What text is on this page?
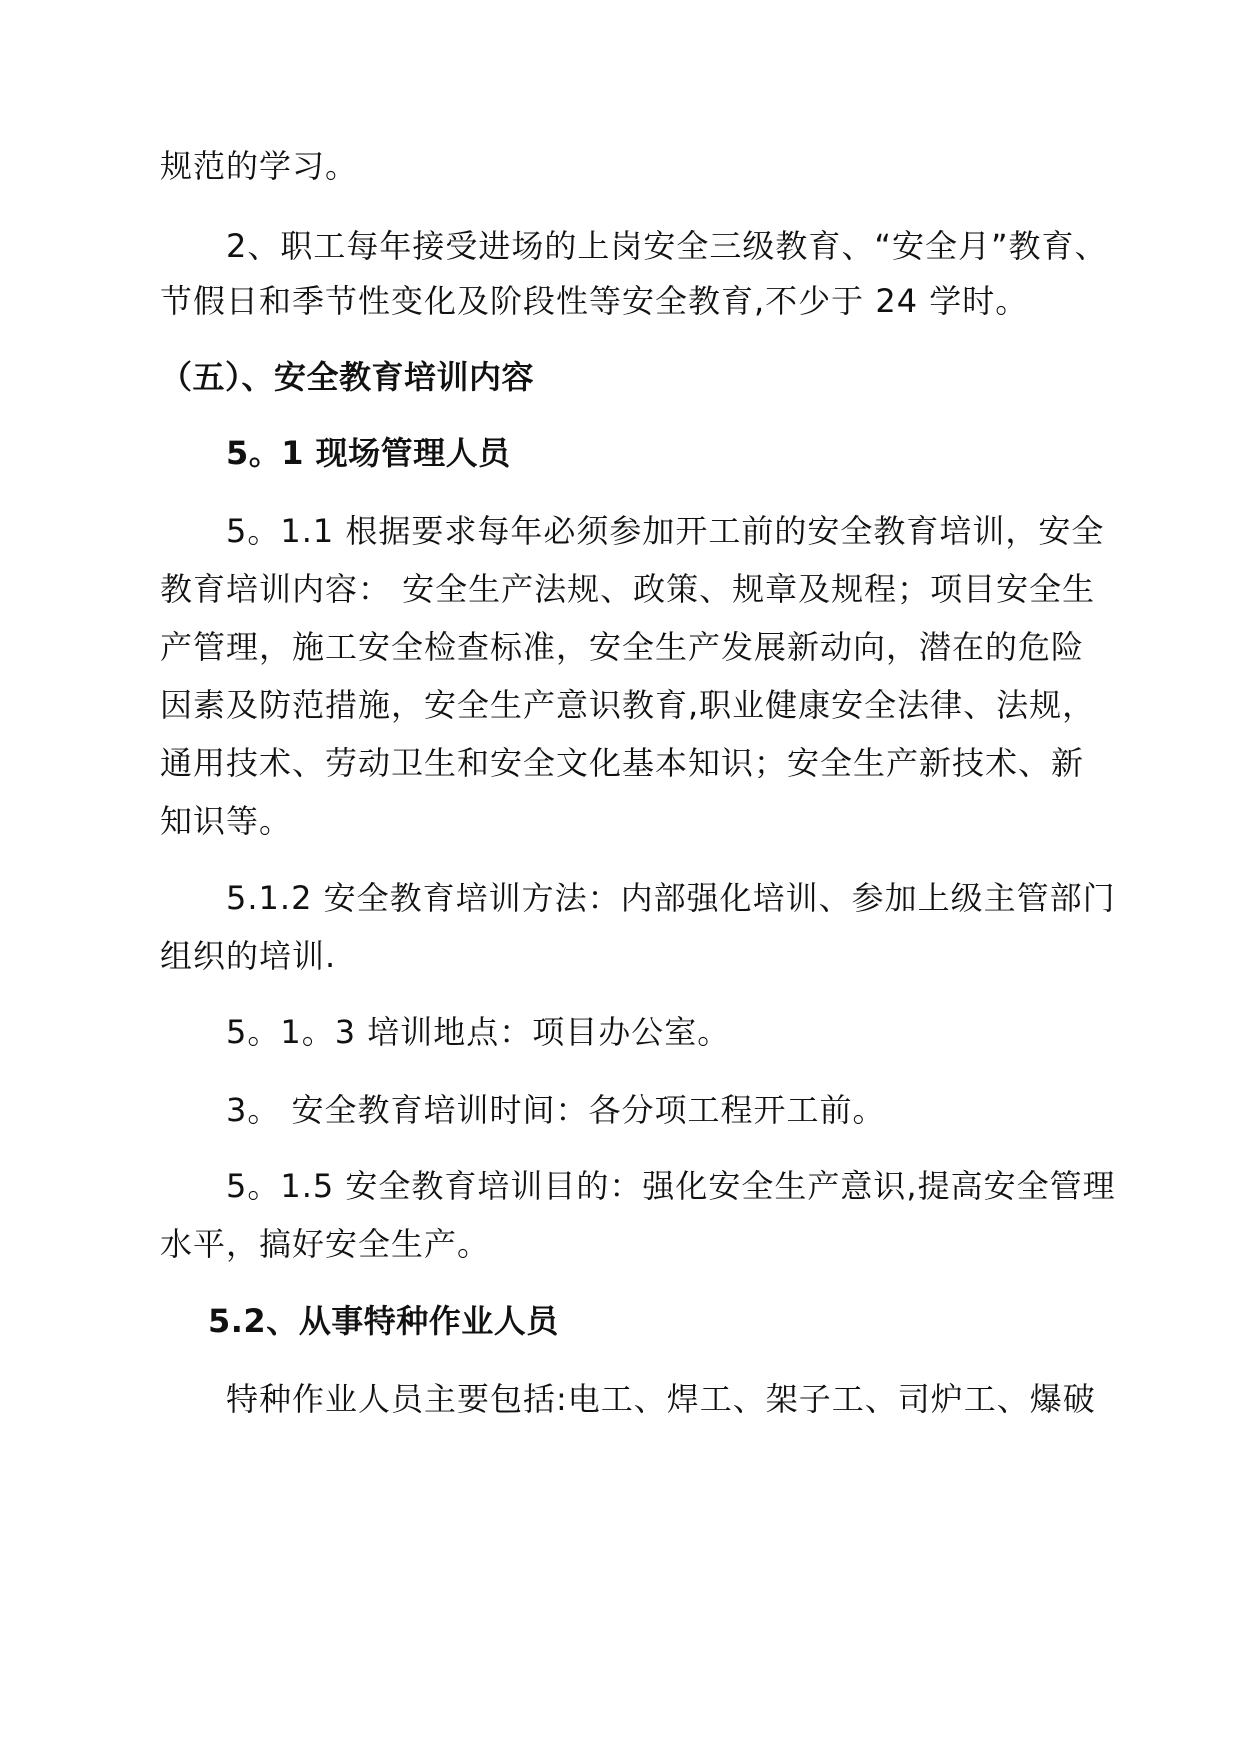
规范的学习。
2、职工每年接受进场的上岗安全三级教育、“安全月”教育、
节假日和季节性变化及阶段性等安全教育,不少于 24 学时。
（五）、安全教育培训内容
5。1 现场管理人员
5。1.1 根据要求每年必须参加开工前的安全教育培训，安全
教育培训内容： 安全生产法规、政策、规章及规程；项目安全生
产管理，施工安全检查标准，安全生产发展新动向，潜在的危险
因素及防范措施，安全生产意识教育,职业健康安全法律、法规，
通用技术、劳动卫生和安全文化基本知识；安全生产新技术、新
知识等。
5.1.2 安全教育培训方法：内部强化培训、参加上级主管部门
组织的培训.
5。1。3 培训地点：项目办公室。
3。 安全教育培训时间：各分项工程开工前。
5。1.5 安全教育培训目的：强化安全生产意识,提高安全管理
水平，搞好安全生产。
5.2、从事特种作业人员
特种作业人员主要包括:电工、焊工、架子工、司炉工、爆破
